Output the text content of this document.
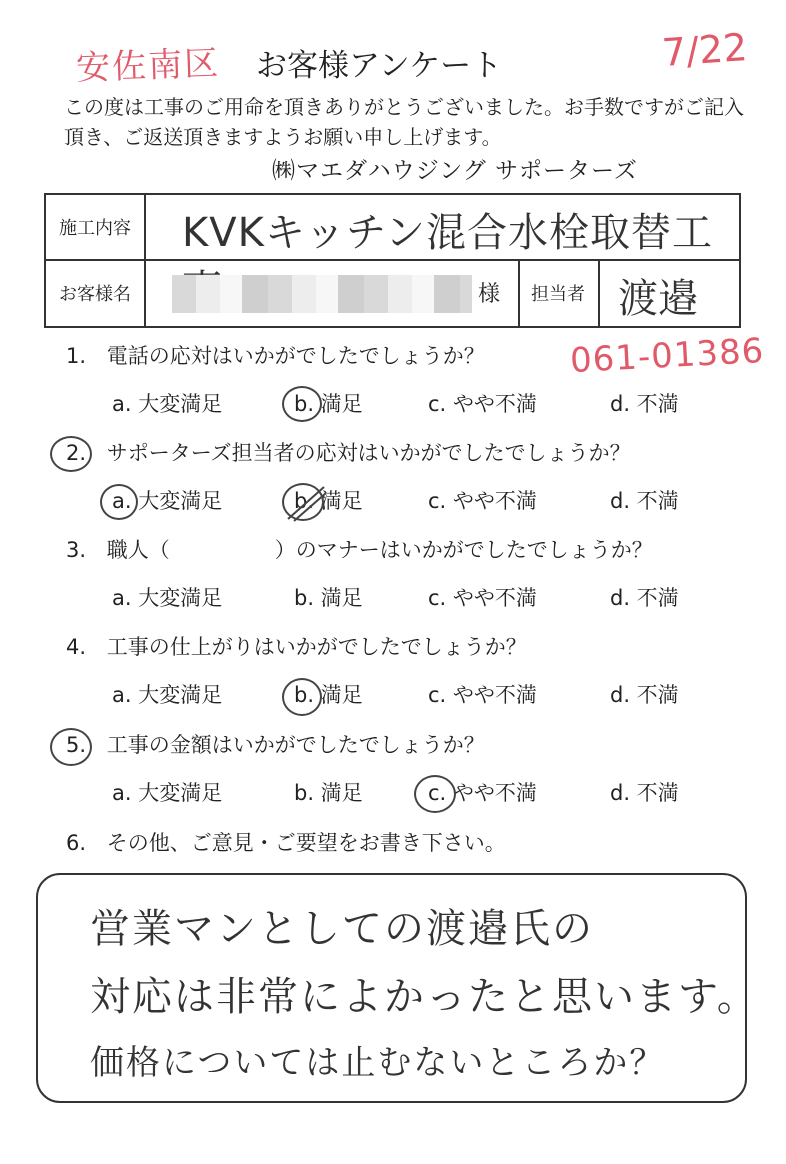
安佐南区 お客様アンケート	7/22
この度は工事のご用命を頂きありがとうございました。お手数ですがご記入頂き、ご返送頂きますようお願い申し上げます。
㈱マエダハウジング サポーターズ
施工内容	KVKキッチン混合水栓取替工
お客様名	様	担当者 渡邉
061-01386
1. 電話の応対はいかがでしたでしょうか？
2. サポーターズ担当者の応対はいかがでしたでしょうか？
3. 職人（　　　　　）のマナーはいかがでしたでしょうか？
4. 工事の仕上がりはいかがでしたでしょうか？
5. 工事の金額はいかがでしたでしょうか？
6. その他、ご意見・ご要望をお書き下さい。
a. 大変満足	b. 満足	c. やや不満	d. 不満
a. 大変満足	b. 満足	c. やや不満	d. 不満
a. 大変満足	b. 満足	c. やや不満	d. 不満
a. 大変満足	b. 満足	c. やや不満	d. 不満
a. 大変満足	b. 満足	c. やや不満	d. 不満
営業マンとしての渡邉氏の
対応は非常によかったと思います。
価格については止むないところか？
